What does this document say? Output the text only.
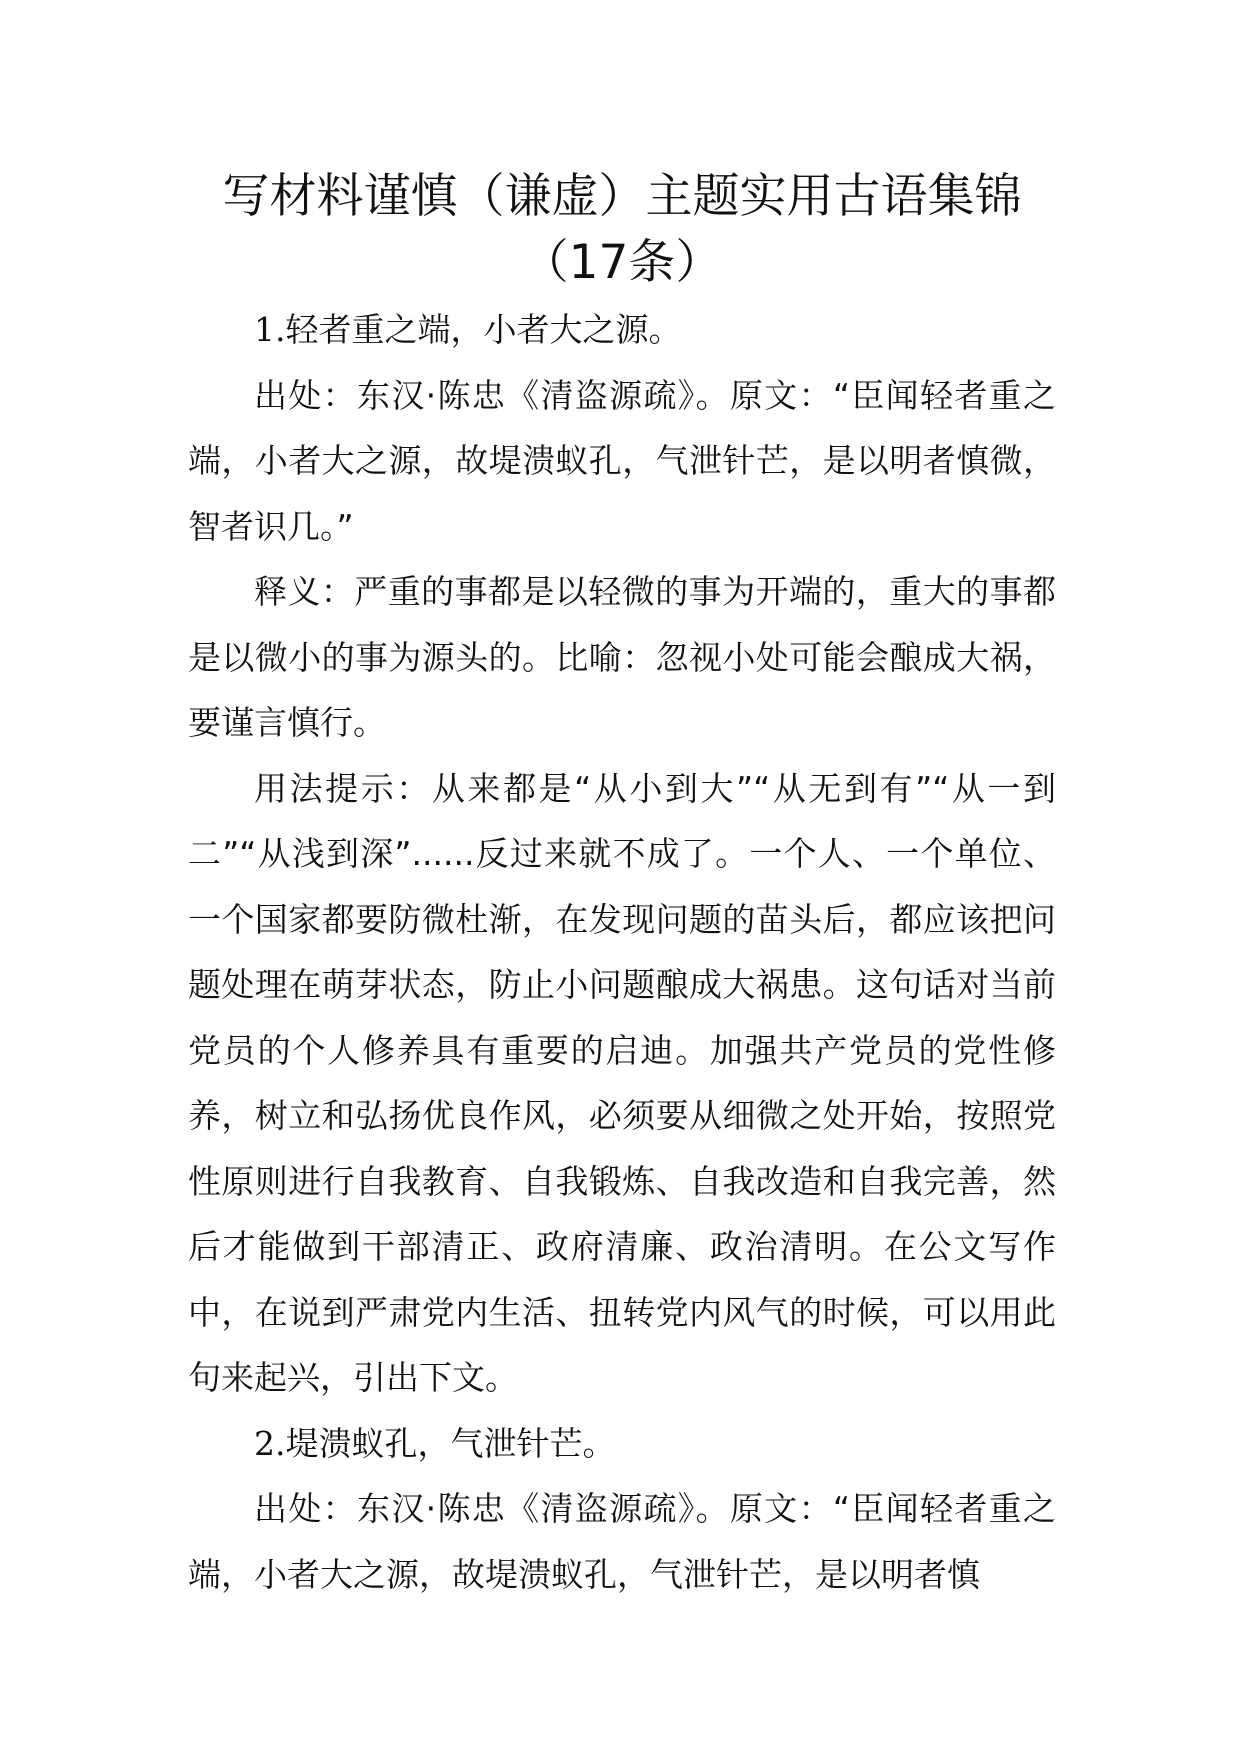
写材料谨慎（谦虚）主题实用古语集锦
（17条）

1.轻者重之端，小者大之源。

出处：东汉·陈忠《清盗源疏》。原文：“臣闻轻者重之端，小者大之源，故堤溃蚁孔，气泄针芒，是以明者慎微，智者识几。”

释义：严重的事都是以轻微的事为开端的，重大的事都是以微小的事为源头的。比喻：忽视小处可能会酿成大祸，要谨言慎行。

用法提示：从来都是“从小到大”“从无到有”“从一到二”“从浅到深”......反过来就不成了。一个人、一个单位、一个国家都要防微杜渐，在发现问题的苗头后，都应该把问题处理在萌芽状态，防止小问题酿成大祸患。这句话对当前党员的个人修养具有重要的启迪。加强共产党员的党性修养，树立和弘扬优良作风，必须要从细微之处开始，按照党性原则进行自我教育、自我锻炼、自我改造和自我完善，然后才能做到干部清正、政府清廉、政治清明。在公文写作中，在说到严肃党内生活、扭转党内风气的时候，可以用此句来起兴，引出下文。

2.堤溃蚁孔，气泄针芒。

出处：东汉·陈忠《清盗源疏》。原文：“臣闻轻者重之端，小者大之源，故堤溃蚁孔，气泄针芒，是以明者慎
